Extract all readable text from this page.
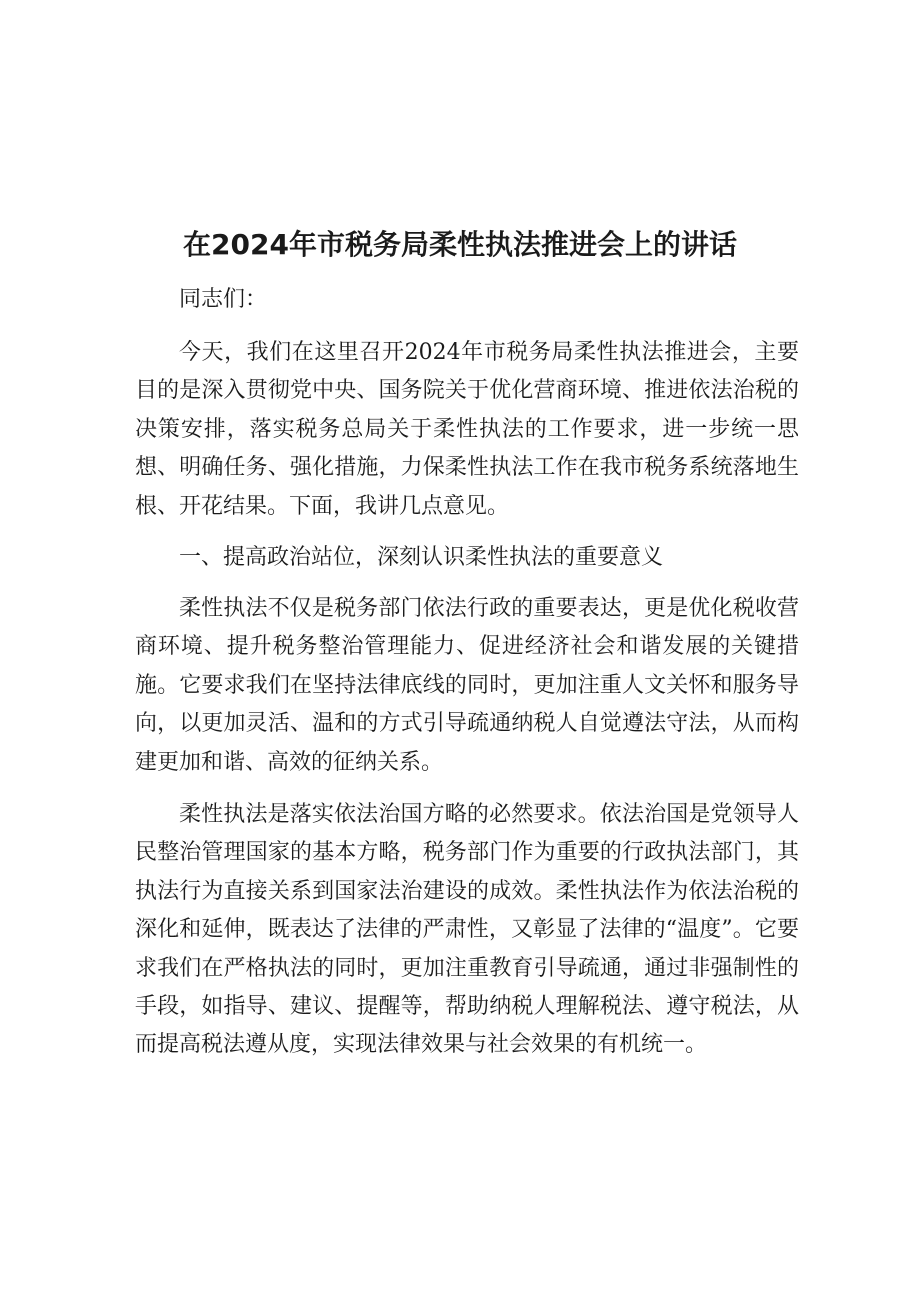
在2024年市税务局柔性执法推进会上的讲话

同志们：

今天，我们在这里召开2024年市税务局柔性执法推进会，主要目的是深入贯彻党中央、国务院关于优化营商环境、推进依法治税的决策安排，落实税务总局关于柔性执法的工作要求，进一步统一思想、明确任务、强化措施，力保柔性执法工作在我市税务系统落地生根、开花结果。下面，我讲几点意见。

一、提高政治站位，深刻认识柔性执法的重要意义

柔性执法不仅是税务部门依法行政的重要表达，更是优化税收营商环境、提升税务整治管理能力、促进经济社会和谐发展的关键措施。它要求我们在坚持法律底线的同时，更加注重人文关怀和服务导向，以更加灵活、温和的方式引导疏通纳税人自觉遵法守法，从而构建更加和谐、高效的征纳关系。

柔性执法是落实依法治国方略的必然要求。依法治国是党领导人民整治管理国家的基本方略，税务部门作为重要的行政执法部门，其执法行为直接关系到国家法治建设的成效。柔性执法作为依法治税的深化和延伸，既表达了法律的严肃性，又彰显了法律的“温度”。它要求我们在严格执法的同时，更加注重教育引导疏通，通过非强制性的手段，如指导、建议、提醒等，帮助纳税人理解税法、遵守税法，从而提高税法遵从度，实现法律效果与社会效果的有机统一。
